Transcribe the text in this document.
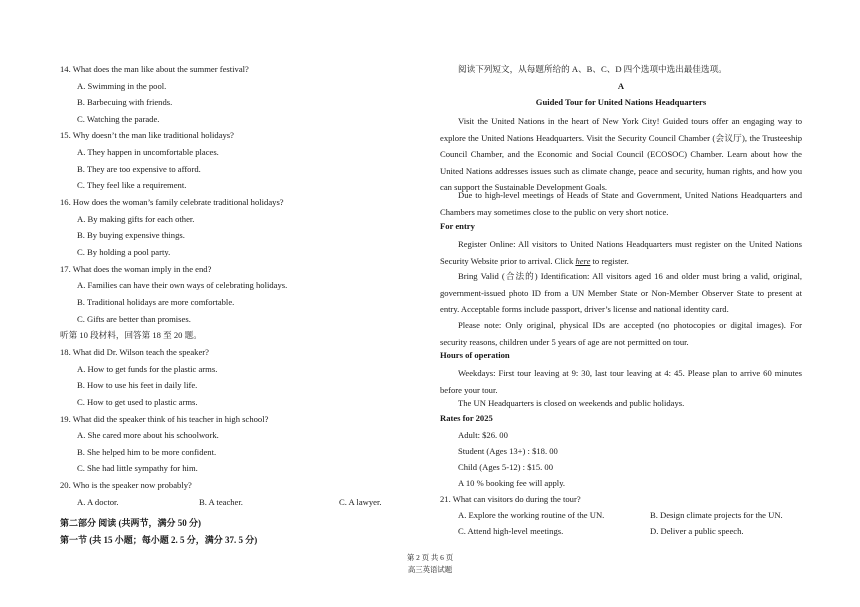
14. What does the man like about the summer festival?
A. Swimming in the pool.
B. Barbecuing with friends.
C. Watching the parade.
15. Why doesn’t the man like traditional holidays?
A. They happen in uncomfortable places.
B. They are too expensive to afford.
C. They feel like a requirement.
16. How does the woman’s family celebrate traditional holidays?
A. By making gifts for each other.
B. By buying expensive things.
C. By holding a pool party.
17. What does the woman imply in the end?
A. Families can have their own ways of celebrating holidays.
B. Traditional holidays are more comfortable.
C. Gifts are better than promises.
听第 10 段材料，回答第 18 至 20 题。
18. What did Dr. Wilson teach the speaker?
A. How to get funds for the plastic arms.
B. How to use his feet in daily life.
C. How to get used to plastic arms.
19. What did the speaker think of his teacher in high school?
A. She cared more about his schoolwork.
B. She helped him to be more confident.
C. She had little sympathy for him.
20. Who is the speaker now probably?
A. A doctor.	B. A teacher.	C. A lawyer.
第二部分 阅读 (共两节，满分 50 分)
第一节 (共 15 小题；每小题 2. 5 分，满分 37. 5 分)
阅读下列短文，从每题所给的 A、B、C、D 四个选项中选出最佳选项。
A
Guided Tour for United Nations Headquarters
Visit the United Nations in the heart of New York City! Guided tours offer an engaging way to explore the United Nations Headquarters. Visit the Security Council Chamber (会议厅), the Trusteeship Council Chamber, and the Economic and Social Council (ECOSOC) Chamber. Learn about how the United Nations addresses issues such as climate change, peace and security, human rights, and how you can support the Sustainable Development Goals.
Due to high-level meetings of Heads of State and Government, United Nations Headquarters and Chambers may sometimes close to the public on very short notice.
For entry
Register Online: All visitors to United Nations Headquarters must register on the United Nations Security Website prior to arrival. Click here to register.
Bring Valid (合法的) Identification: All visitors aged 16 and older must bring a valid, original, government-issued photo ID from a UN Member State or Non-Member Observer State to present at entry. Acceptable forms include passport, driver’s license and national identity card.
Please note: Only original, physical IDs are accepted (no photocopies or digital images). For security reasons, children under 5 years of age are not permitted on tour.
Hours of operation
Weekdays: First tour leaving at 9: 30, last tour leaving at 4: 45. Please plan to arrive 60 minutes before your tour.
The UN Headquarters is closed on weekends and public holidays.
Rates for 2025
Adult: $26. 00
Student (Ages 13+) : $18. 00
Child (Ages 5-12) : $15. 00
A 10 % booking fee will apply.
21. What can visitors do during the tour?
A. Explore the working routine of the UN.	B. Design climate projects for the UN.
C. Attend high-level meetings.	D. Deliver a public speech.
第 2 页 共 6 页
高三英语试题
